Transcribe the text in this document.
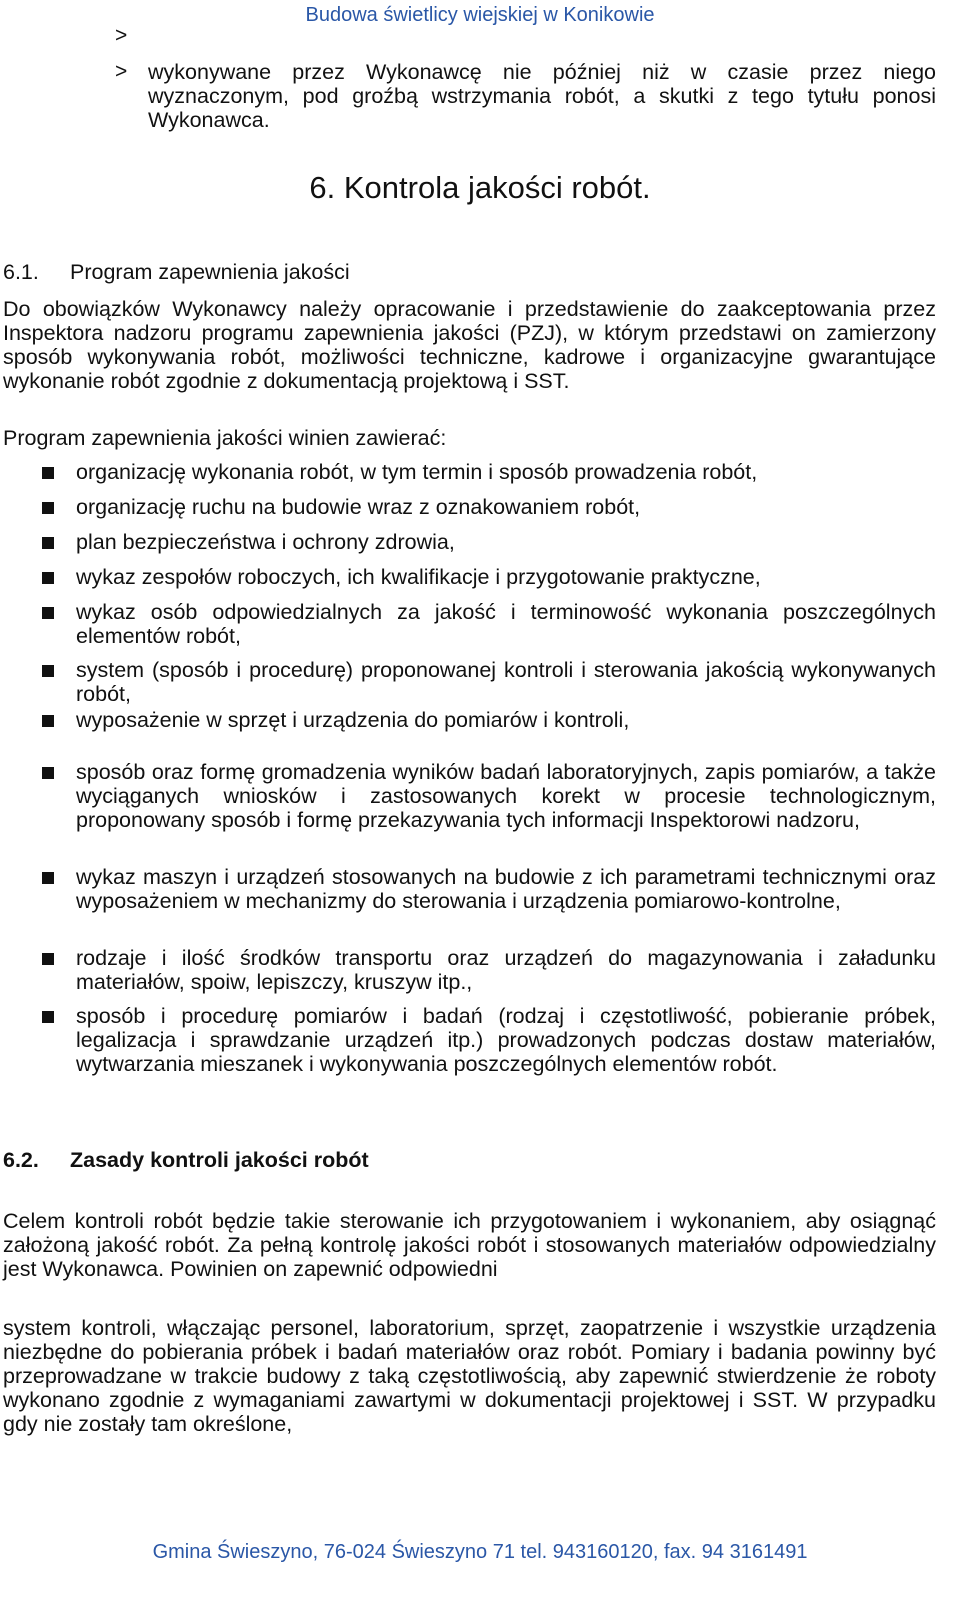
Budowa świetlicy wiejskiej w Konikowie
>
> wykonywane przez Wykonawcę nie później niż w czasie przez niego wyznaczonym, pod groźbą wstrzymania robót, a skutki z tego tytułu ponosi Wykonawca.
6. Kontrola jakości robót.
6.1. Program zapewnienia jakości
Do obowiązków Wykonawcy należy opracowanie i przedstawienie do zaakceptowania przez Inspektora nadzoru programu zapewnienia jakości (PZJ), w którym przedstawi on zamierzony sposób wykonywania robót, możliwości techniczne, kadrowe i organizacyjne gwarantujące wykonanie robót zgodnie z dokumentacją projektową i SST.
Program zapewnienia jakości winien zawierać:
organizację wykonania robót, w tym termin i sposób prowadzenia robót,
organizację ruchu na budowie wraz z oznakowaniem robót,
plan bezpieczeństwa i ochrony zdrowia,
wykaz zespołów roboczych, ich kwalifikacje i przygotowanie praktyczne,
wykaz osób odpowiedzialnych za jakość i terminowość wykonania poszczególnych elementów robót,
system (sposób i procedurę) proponowanej kontroli i sterowania jakością wykonywanych robót,
wyposażenie w sprzęt i urządzenia do pomiarów i kontroli,
sposób oraz formę gromadzenia wyników badań laboratoryjnych, zapis pomiarów, a także wyciąganych wniosków i zastosowanych korekt w procesie technologicznym, proponowany sposób i formę przekazywania tych informacji Inspektorowi nadzoru,
wykaz maszyn i urządzeń stosowanych na budowie z ich parametrami technicznymi oraz wyposażeniem w mechanizmy do sterowania i urządzenia pomiarowo-kontrolne,
rodzaje i ilość środków transportu oraz urządzeń do magazynowania i załadunku materiałów, spoiw, lepiszczy, kruszyw itp.,
sposób i procedurę pomiarów i badań (rodzaj i częstotliwość, pobieranie próbek, legalizacja i sprawdzanie urządzeń itp.) prowadzonych podczas dostaw materiałów, wytwarzania mieszanek i wykonywania poszczególnych elementów robót.
6.2. Zasady kontroli jakości robót
Celem kontroli robót będzie takie sterowanie ich przygotowaniem i wykonaniem, aby osiągnąć założoną jakość robót. Za pełną kontrolę jakości robót i stosowanych materiałów odpowiedzialny jest Wykonawca. Powinien on zapewnić odpowiedni
system kontroli, włączając personel, laboratorium, sprzęt, zaopatrzenie i wszystkie urządzenia niezbędne do pobierania próbek i badań materiałów oraz robót. Pomiary i badania powinny być przeprowadzane w trakcie budowy z taką częstotliwością, aby zapewnić stwierdzenie że roboty wykonano zgodnie z wymaganiami zawartymi w dokumentacji projektowej i SST. W przypadku gdy nie zostały tam określone,
Gmina Świeszyno, 76-024 Świeszyno 71 tel. 943160120, fax. 94 3161491
